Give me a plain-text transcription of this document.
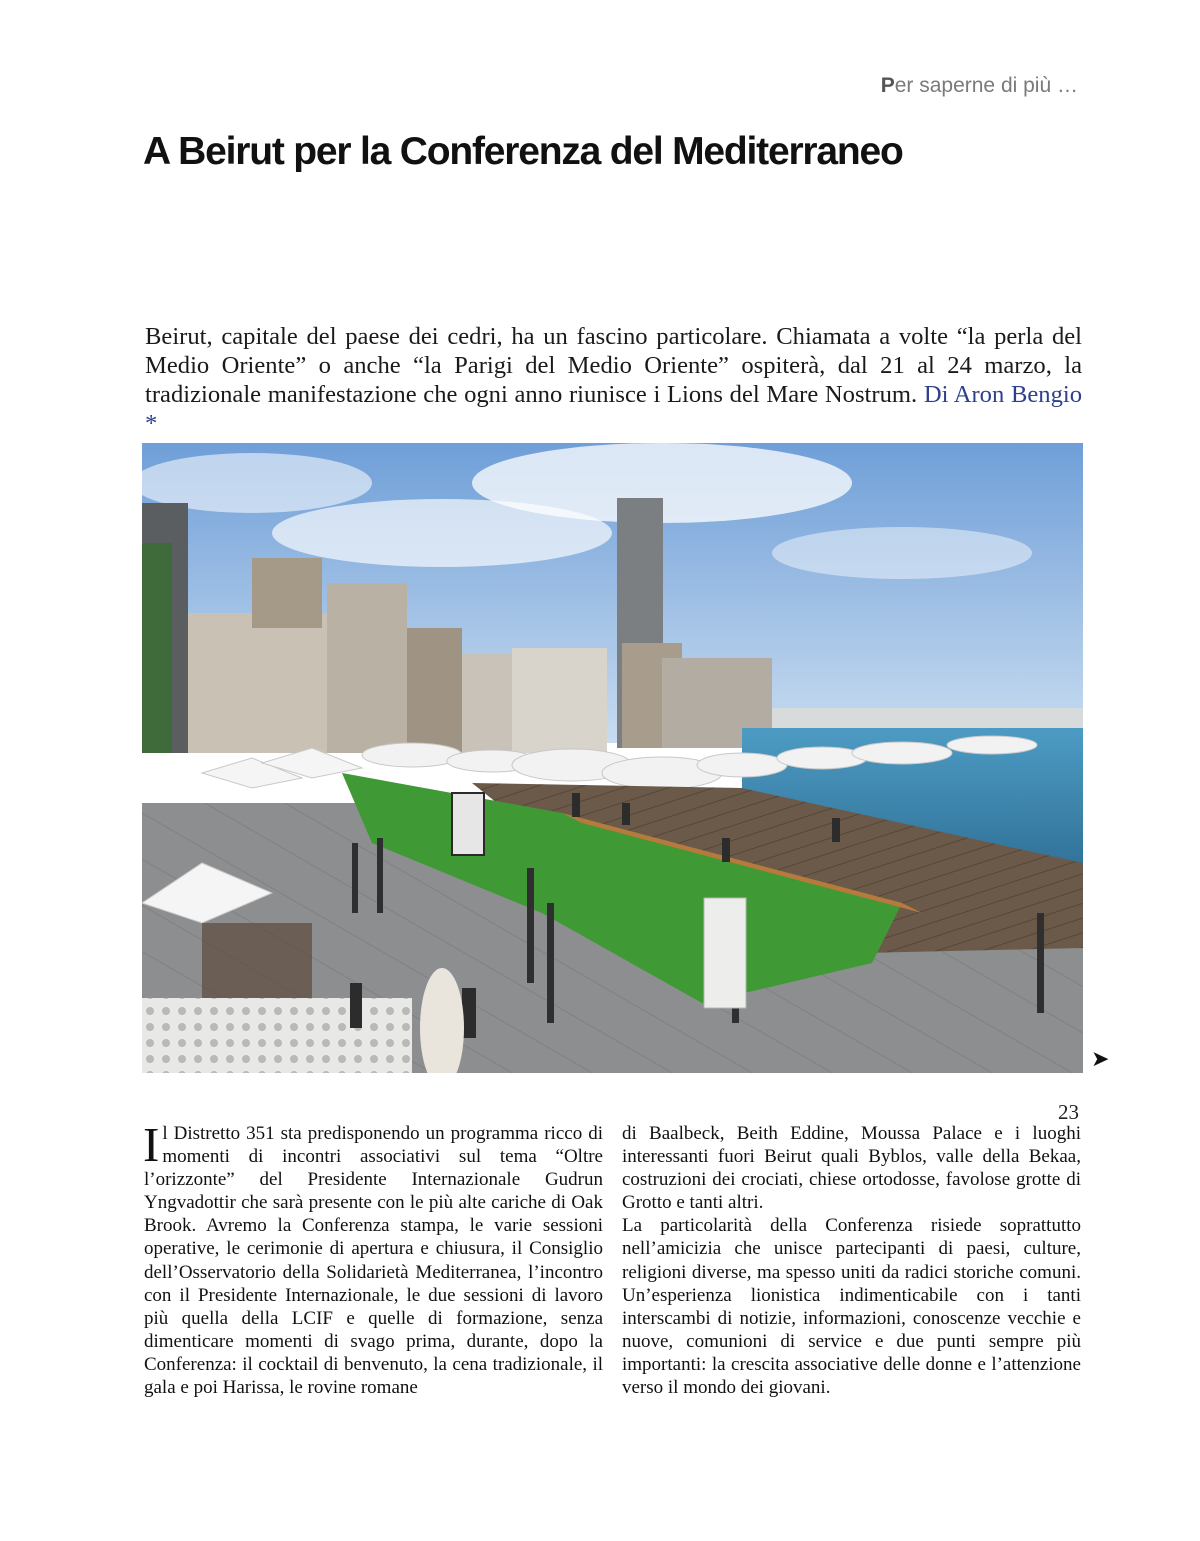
Per saperne di più …
A Beirut per la Conferenza del Mediterraneo

Beirut, capitale del paese dei cedri, ha un fascino particolare. Chiamata a volte “la perla del Medio Oriente” o anche “la Parigi del Medio Oriente” ospiterà, dal 21 al 24 marzo, la tradizionale manifestazione che ogni anno riunisce i Lions del Mare Nostrum. Di Aron Bengio *

Il Distretto 351 sta predisponendo un programma ricco di momenti di incontri associativi sul tema “Oltre l’orizzonte” del Presidente Internazionale Gudrun Yngvadottir che sarà presente con le più alte cariche di Oak Brook. Avremo la Conferenza stampa, le varie sessioni operative, le cerimonie di apertura e chiusura, il Consiglio dell’Osservatorio della Solidarietà Mediterranea, l’incontro con il Presidente Internazionale, le due sessioni di lavoro più quella della LCIF e quelle di formazione, senza dimenticare momenti di svago prima, durante, dopo la Conferenza: il cocktail di benvenuto, la cena tradizionale, il gala e poi Harissa, le rovine romane

di Baalbeck, Beith Eddine, Moussa Palace e i luoghi interessanti fuori Beirut quali Byblos, valle della Bekaa, costruzioni dei crociati, chiese ortodosse, favolose grotte di Grotto e tanti altri.

La particolarità della Conferenza risiede soprattutto nell’amicizia che unisce partecipanti di paesi, culture, religioni diverse, ma spesso uniti da radici storiche comuni. Un’esperienza lionistica indimenticabile con i tanti interscambi di notizie, informazioni, conoscenze vecchie e nuove, comunioni di service e due punti sempre più importanti: la crescita associative delle donne e l’attenzione verso il mondo dei giovani.

➤
23
